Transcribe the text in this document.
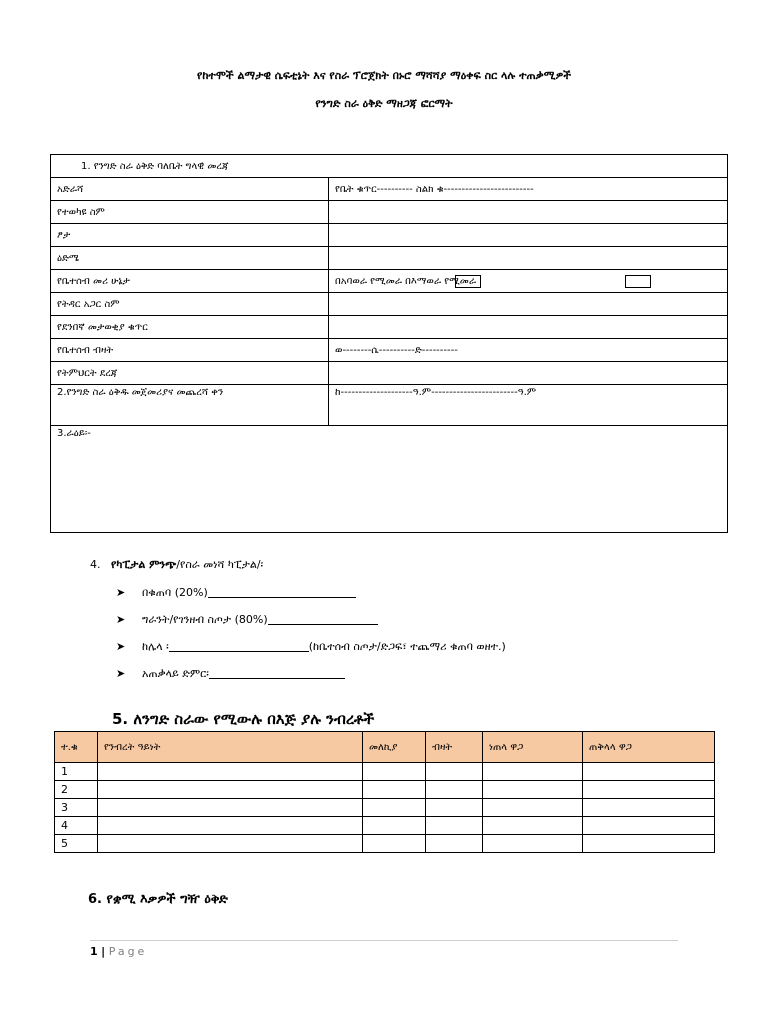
የከተሞች ልማታዊ ሴፍቲኔት እና የስራ ፕሮጀክት በኑሮ ማሻሻያ ማዕቀፍ ስር ላሉ ተጠቃሚዎች
የንግድ ስራ ዕቅድ ማዘጋጃ ፎርማት
1. የንግድ ስራ ዕቅድ ባለቤት ግላዊ መረጃ	
አድራሻ	የቤት ቁጥር---------- ስልክ ቁ-------------------------
የተወካዩ ስም	
ፆታ	
ዕድሜ	
የቤተሰብ መሪ ሁኔታ	በአባወራ የሚመራ በእማወራ የሚመራ

የትዳር አጋር ስም	
የደንበኛ መታወቂያ ቁጥር	
የቤተሰብ ብዛት	ወ--------ሴ----------ድ----------
የትምህርት ደረጃ	
2.የንግድ ስራ ዕቅዱ መጀመሪያና መጨረሻ ቀን	ከ--------------------ዓ.ም------------------------ዓ.ም
3.ራዕይ፡-	
4. የካፒታል ምንጭ/የስራ መነሻ ካፒታል/፡
➤	በቁጠባ (20%)
➤	ግራንት/የገንዘብ ስጦታ (80%)
➤	ከሌላ ፡	(ከቤተሰብ ስጦታ/ድጋፍ፣ ተጨማሪ ቁጠባ ወዘተ.)
➤	አጠቃላይ ድምር፡
5. ለንግድ ስራው የሚውሉ በእጅ ያሉ ንብረቶች
ተ.ቁ	የንብረት ዓይነት	መለኪያ	ብዛት	ነጠላ ዋጋ	ጠቅላላ ዋጋ
1					
2					
3					
4					
5					
6. የቋሚ እቃዎች ግዥ ዕቅድ
1 | Page
